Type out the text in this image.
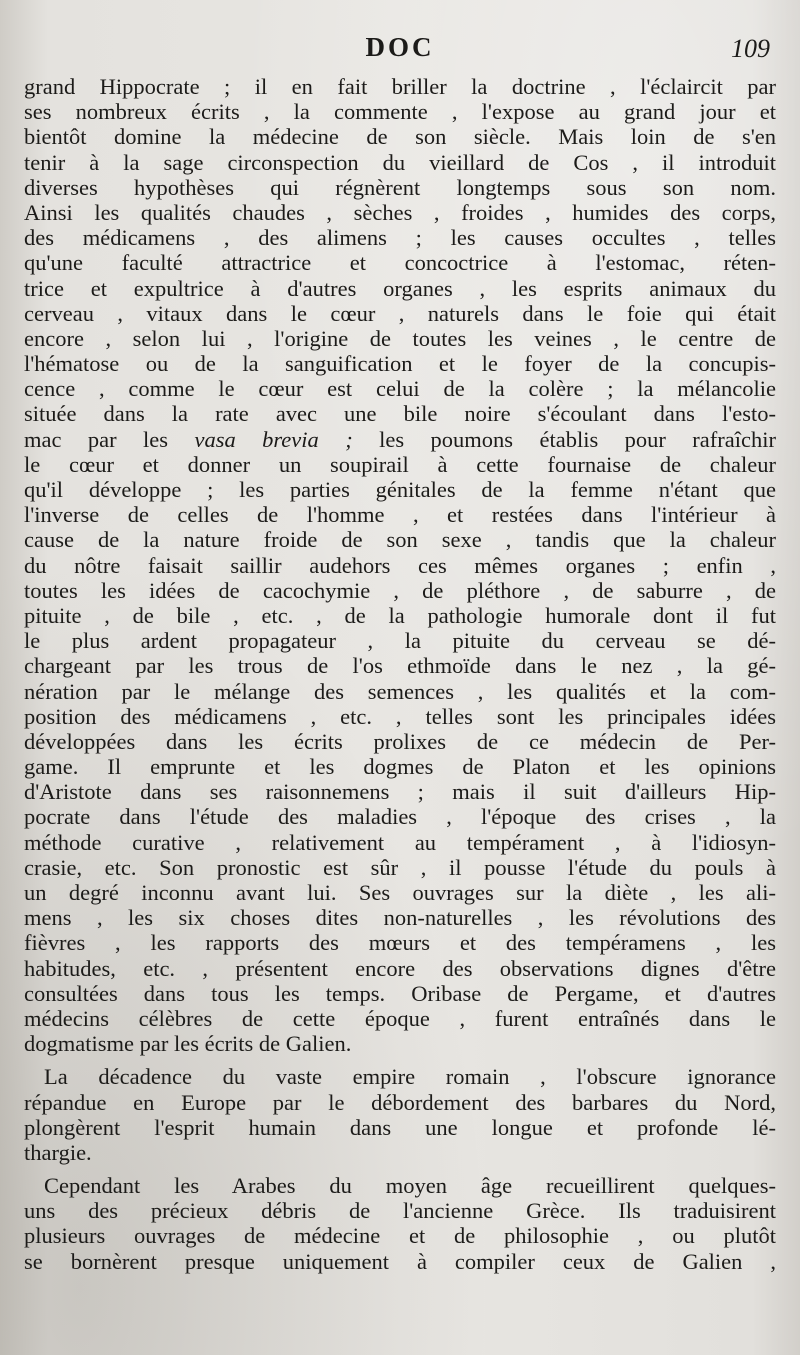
DOC	109
grand Hippocrate ; il en fait briller la doctrine , l'éclaircit par
ses nombreux écrits , la commente , l'expose au grand jour et
bientôt domine la médecine de son siècle. Mais loin de s'en
tenir à la sage circonspection du vieillard de Cos , il introduit
diverses hypothèses qui régnèrent longtemps sous son nom.
Ainsi les qualités chaudes , sèches , froides , humides des corps,
des médicamens , des alimens ; les causes occultes , telles
qu'une faculté attractrice et concoctrice à l'estomac, réten-
trice et expultrice à d'autres organes , les esprits animaux du
cerveau , vitaux dans le cœur , naturels dans le foie qui était
encore , selon lui , l'origine de toutes les veines , le centre de
l'hématose ou de la sanguification et le foyer de la concupis-
cence , comme le cœur est celui de la colère ; la mélancolie
située dans la rate avec une bile noire s'écoulant dans l'esto-
mac par les vasa brevia ; les poumons établis pour rafraîchir
le cœur et donner un soupirail à cette fournaise de chaleur
qu'il développe ; les parties génitales de la femme n'étant que
l'inverse de celles de l'homme , et restées dans l'intérieur à
cause de la nature froide de son sexe , tandis que la chaleur
du nôtre faisait saillir audehors ces mêmes organes ; enfin ,
toutes les idées de cacochymie , de pléthore , de saburre , de
pituite , de bile , etc. , de la pathologie humorale dont il fut
le plus ardent propagateur , la pituite du cerveau se dé-
chargeant par les trous de l'os ethmoïde dans le nez , la gé-
nération par le mélange des semences , les qualités et la com-
position des médicamens , etc. , telles sont les principales idées
développées dans les écrits prolixes de ce médecin de Per-
game. Il emprunte et les dogmes de Platon et les opinions
d'Aristote dans ses raisonnemens ; mais il suit d'ailleurs Hip-
pocrate dans l'étude des maladies , l'époque des crises , la
méthode curative , relativement au tempérament , à l'idiosyn-
crasie, etc. Son pronostic est sûr , il pousse l'étude du pouls à
un degré inconnu avant lui. Ses ouvrages sur la diète , les ali-
mens , les six choses dites non-naturelles , les révolutions des
fièvres , les rapports des mœurs et des tempéramens , les
habitudes, etc. , présentent encore des observations dignes d'être
consultées dans tous les temps. Oribase de Pergame, et d'autres
médecins célèbres de cette époque , furent entraînés dans le
dogmatisme par les écrits de Galien.
La décadence du vaste empire romain , l'obscure ignorance
répandue en Europe par le débordement des barbares du Nord,
plongèrent l'esprit humain dans une longue et profonde lé-
thargie.
Cependant les Arabes du moyen âge recueillirent quelques-
uns des précieux débris de l'ancienne Grèce. Ils traduisirent
plusieurs ouvrages de médecine et de philosophie , ou plutôt
se bornèrent presque uniquement à compiler ceux de Galien ,
